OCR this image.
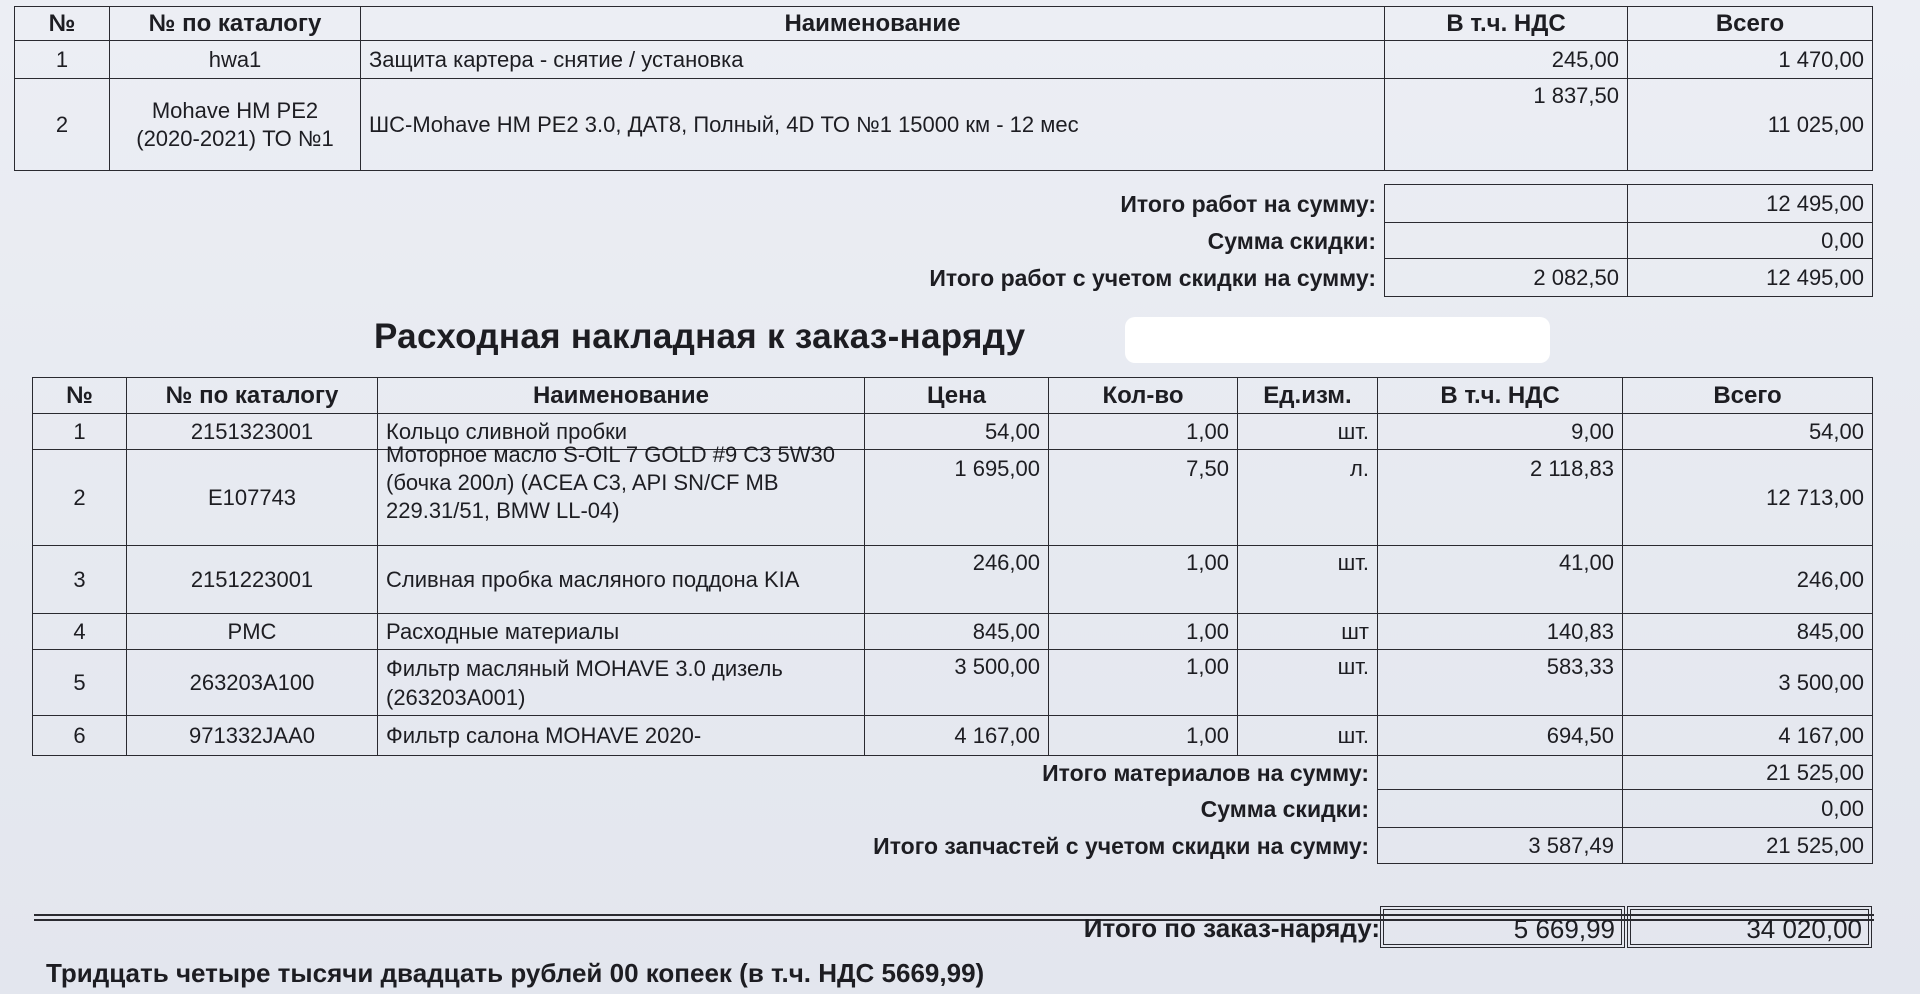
№	№ по каталогу	Наименование	В т.ч. НДС	Всего
1	hwa1	Защита картера - снятие / установка	245,00	1 470,00
2	Mohave HM PE2 (2020-2021) ТО №1	ШС-Mohave HM PE2 3.0, ДАТ8, Полный, 4D ТО №1 15000 км - 12 мес	1 837,50	11 025,00

Итого работ на сумму:				12 495,00
Сумма скидки:				0,00
Итого работ с учетом скидки на сумму:			2 082,50	12 495,00
Расходная накладная к заказ-наряду
№	№ по каталогу	Наименование	Цена	Кол-во	Ед.изм.	В т.ч. НДС	Всего
1	2151323001	Кольцо сливной пробки	54,00	1,00	шт.	9,00	54,00
2	E107743	Моторное масло S-OIL 7 GOLD #9 C3 5W30 (бочка 200л) (ACEA C3, API SN/CF MB 229.31/51, BMW LL-04)	1 695,00	7,50	л.	2 118,83	12 713,00
3	2151223001	Сливная пробка масляного поддона KIA	246,00	1,00	шт.	41,00	246,00
4	PMC	Расходные материалы	845,00	1,00	шт	140,83	845,00
5	263203A100	Фильтр масляный MOHAVE 3.0 дизель (263203A001)	3 500,00	1,00	шт.	583,33	3 500,00
6	971332JAA0	Фильтр салона MOHAVE 2020-	4 167,00	1,00	шт.	694,50	4 167,00
Итого материалов на сумму:							21 525,00
Сумма скидки:							0,00
Итого запчастей с учетом скидки на сумму:						3 587,49	21 525,00
Итого по заказ-наряду:	5 669,99	34 020,00
Тридцать четыре тысячи двадцать рублей 00 копеек (в т.ч. НДС 5669,99)
